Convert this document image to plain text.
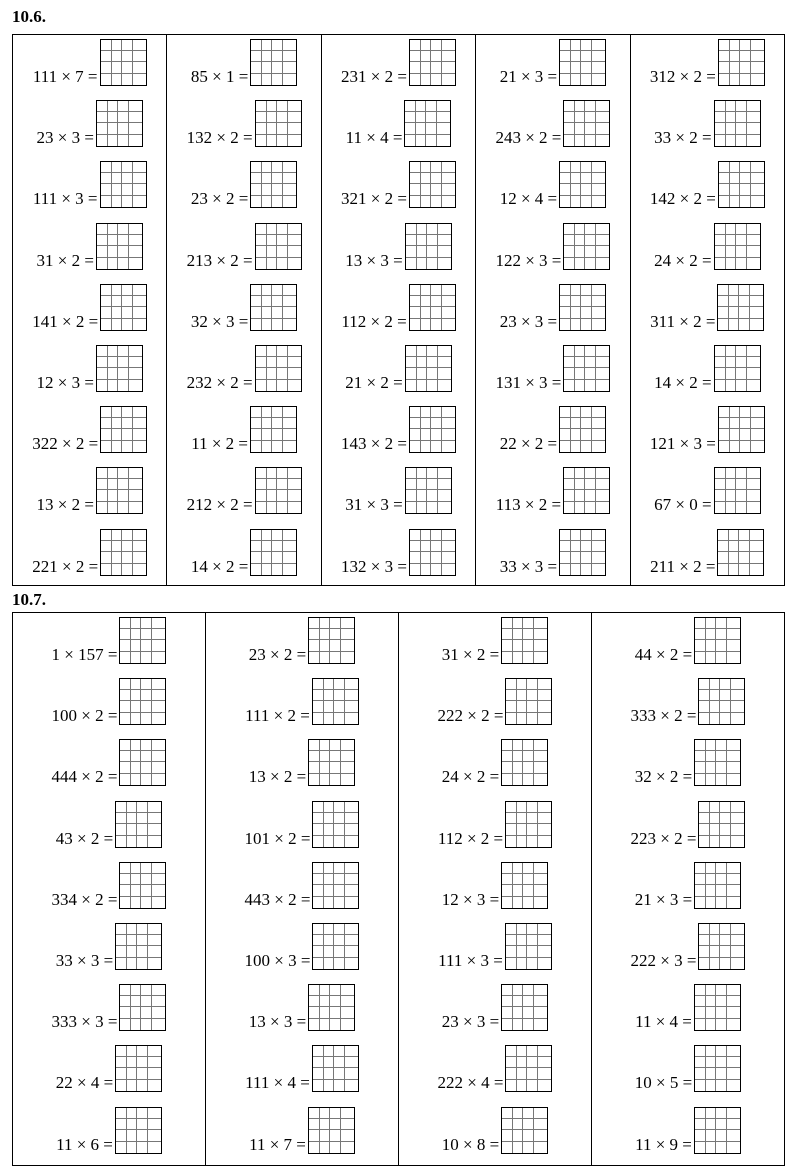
10.6.
111 × 7 =
23 × 3 =
111 × 3 =
31 × 2 =
141 × 2 =
12 × 3 =
322 × 2 =
13 × 2 =
221 × 2 =
85 × 1 =
132 × 2 =
23 × 2 =
213 × 2 =
32 × 3 =
232 × 2 =
11 × 2 =
212 × 2 =
14 × 2 =
231 × 2 =
11 × 4 =
321 × 2 =
13 × 3 =
112 × 2 =
21 × 2 =
143 × 2 =
31 × 3 =
132 × 3 =
21 × 3 =
243 × 2 =
12 × 4 =
122 × 3 =
23 × 3 =
131 × 3 =
22 × 2 =
113 × 2 =
33 × 3 =
312 × 2 =
33 × 2 =
142 × 2 =
24 × 2 =
311 × 2 =
14 × 2 =
121 × 3 =
67 × 0 =
211 × 2 =
10.7.
1 × 157 =
100 × 2 =
444 × 2 =
43 × 2 =
334 × 2 =
33 × 3 =
333 × 3 =
22 × 4 =
11 × 6 =
23 × 2 =
111 × 2 =
13 × 2 =
101 × 2 =
443 × 2 =
100 × 3 =
13 × 3 =
111 × 4 =
11 × 7 =
31 × 2 =
222 × 2 =
24 × 2 =
112 × 2 =
12 × 3 =
111 × 3 =
23 × 3 =
222 × 4 =
10 × 8 =
44 × 2 =
333 × 2 =
32 × 2 =
223 × 2 =
21 × 3 =
222 × 3 =
11 × 4 =
10 × 5 =
11 × 9 =
